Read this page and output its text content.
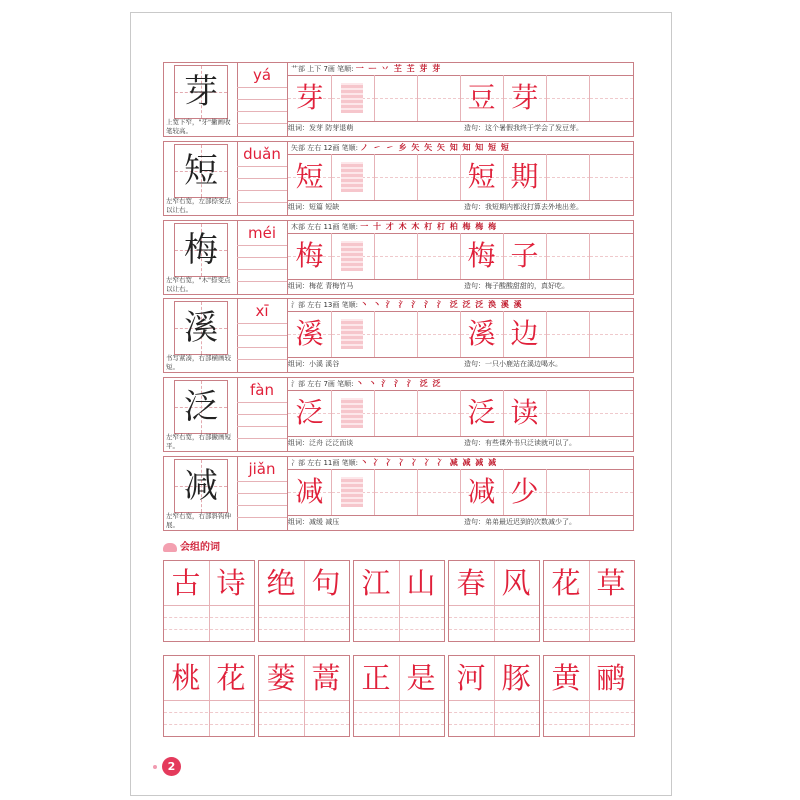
芽
上宽下窄，"牙"撇画收笔较高。
yá	艹部 上下 7画 笔顺: 一 ᅳ 丷 芏 芏 芽 芽
芽	豆 芽
组词：发芽 防芽退萌	造句：这个暑假我终于学会了发豆芽。
短
左窄右宽，左部捺变点以让右。
duǎn	矢部 左右 12画 笔顺: ノ ㇀ ㇀ 乡 矢 矢 矢 知 知 知 短 短
短	短 期
组词：短篇 短缺	造句：我短期内都没打算去外地出差。
梅
左窄右宽，"木"捺变点以让右。
méi	木部 左右 11画 笔顺: 一 十 才 木 木 朾 朾 柏 梅 梅 梅
梅	梅 子
组词：梅花 青梅竹马	造句：梅子酸酸甜甜的，真好吃。
溪
书写紧凑，右部横画较短。
xī	氵部 左右 13画 笔顺: 丶 丶 氵 氵 氵 氵 氵 泛 泛 泛 涣 溪 溪
溪	溪 边
组词：小溪 溪谷	造句：一只小鹿站在溪边喝水。
泛
左窄右宽，右部撇画短平。
fàn	氵部 左右 7画 笔顺: 丶 丶 氵 氵 氵 泛 泛
泛	泛 读
组词：泛舟 泛泛而谈	造句：有些课外书只泛读就可以了。
减
左窄右宽，右部斜钩伸展。
jiǎn	冫部 左右 11画 笔顺: 丶 冫 冫 冫 冫 冫 冫 减 减 减 减
减	减 少
组词：减缓 减压	造句：弟弟最近迟到的次数减少了。
会组的词
古 诗 绝 句 江 山 春 风 花 草
桃 花 蒌 蒿 正 是 河 豚 黄 鹂
2
